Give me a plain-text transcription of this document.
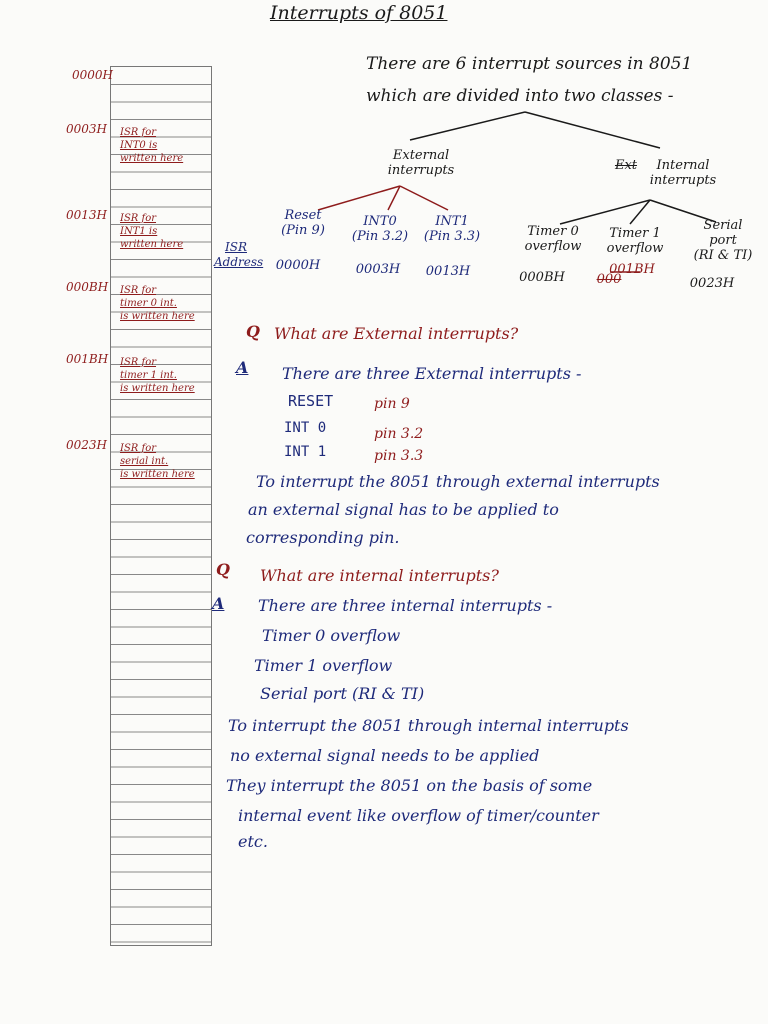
Interrupts of 8051
There are 6 interrupt sources in 8051
which are divided into two classes -
0000H
0003H
0013H
000BH
001BH
0023H
ISR for
INT0 is
written here
ISR for
INT1 is
written here
ISR for
timer 0 int.
is written here
ISR for
timer 1 int.
is written here
ISR for
serial int.
is written here
ISR Address
External
interrupts
Reset
(Pin 9)
INT0
(Pin 3.2)
INT1
(Pin 3.3)
0000H	0003H	0013H
Ext	Internal
interrupts
Timer 0
overflow
Timer 1
overflow
Serial
port
(RI & TI)
000BH	000
001BH
0023H
Q What are External interrupts?
A There are three External interrupts -
RESET	pin 9
INT 0	pin 3.2
INT 1	pin 3.3
To interrupt the 8051 through external interrupts
an external signal has to be applied to
corresponding pin.
Q What are internal interrupts?
A There are three internal interrupts -
Timer 0 overflow
Timer 1 overflow
Serial port (RI & TI)
To interrupt the 8051 through internal interrupts
no external signal needs to be applied
They interrupt the 8051 on the basis of some
internal event like overflow of timer/counter
etc.
